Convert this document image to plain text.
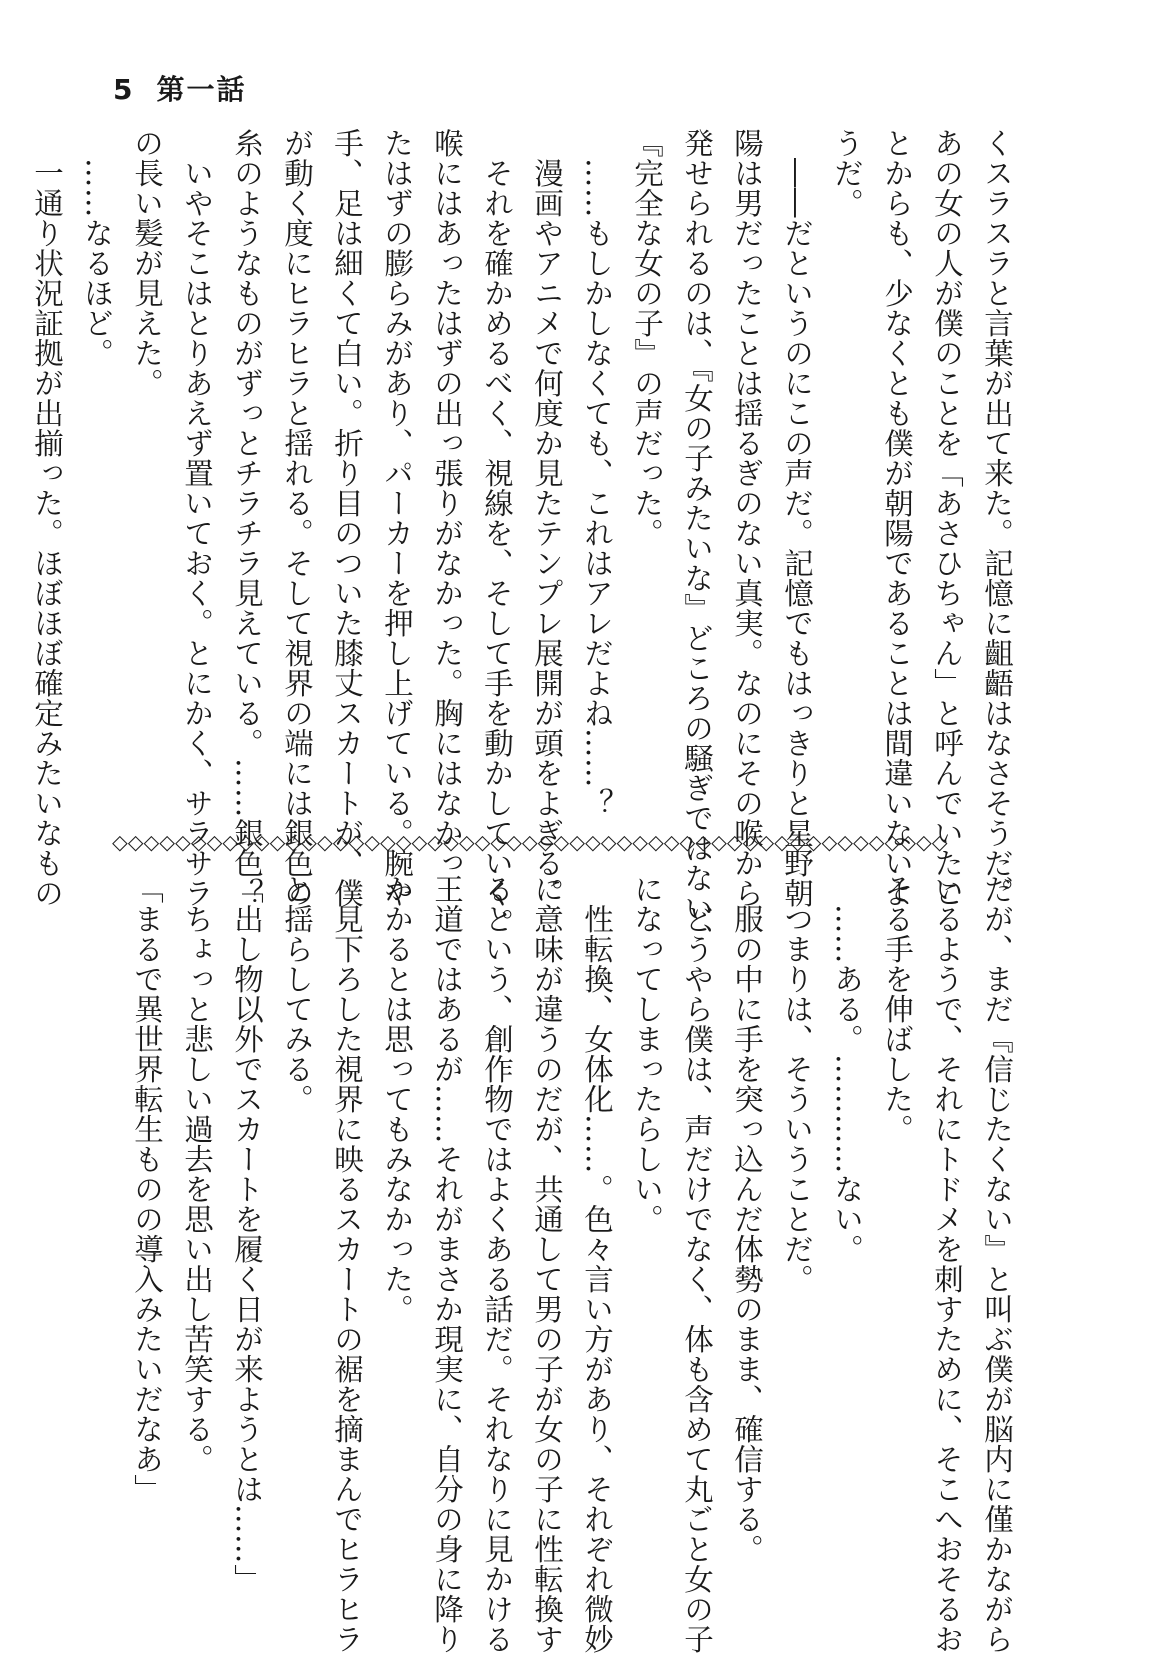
5 第一話

くスラスラと言葉が出て来た。記憶に齟齬はなさそうだ。

あの女の人が僕のことを「あさひちゃん」と呼んでいたこ

とからも、少なくとも僕が朝陽であることは間違いないよ

うだ。

　――だというのにこの声だ。記憶でもはっきりと星野朝

陽は男だったことは揺るぎのない真実。なのにその喉から

発せられるのは、『女の子みたいな』どころの騒ぎではない、

『完全な女の子』の声だった。

　……もしかしなくても、これはアレだよね……？

　漫画やアニメで何度か見たテンプレ展開が頭をよぎる。

　それを確かめるべく、視線を、そして手を動かしていく。

喉にはあったはずの出っ張りがなかった。胸にはなかっ

たはずの膨らみがあり、パーカーを押し上げている。腕や

手、足は細くて白い。折り目のついた膝丈スカートが、僕

が動く度にヒラヒラと揺れる。そして視界の端には銀色の

糸のようなものがずっとチラチラ見えている。……銀色？

　いやそこはとりあえず置いておく。とにかく、サラサラ

の長い髪が見えた。

　……なるほど。

　一通り状況証拠が出揃った。ほぼほぼ確定みたいなもの	◇◇◇◇◇◇◇◇◇◇◇◇◇◇◇◇◇◇◇◇◇◇◇◇◇◇◇◇◇◇◇◇◇◇◇◇◇◇◇◇◇◇◇◇◇◇◇◇◇◇◇◇◇

だが、まだ『信じたくない』と叫ぶ僕が脳内に僅かながら

いるようで、それにトドメを刺すために、そこへおそるお

そる手を伸ばした。

　……ある。…………ない。

　つまりは、そういうことだ。

　服の中に手を突っ込んだ体勢のまま、確信する。

　どうやら僕は、声だけでなく、体も含めて丸ごと女の子

になってしまったらしい。

　性転換、女体化……。色々言い方があり、それぞれ微妙

に意味が違うのだが、共通して男の子が女の子に性転換す

るという、創作物ではよくある話だ。それなりに見かける

王道ではあるが……それがまさか現実に、自分の身に降り

かかるとは思ってもみなかった。

　見下ろした視界に映るスカートの裾を摘まんでヒラヒラ

と揺らしてみる。

「出し物以外でスカートを履く日が来ようとは……」

　ちょっと悲しい過去を思い出し苦笑する。

「まるで異世界転生ものの導入みたいだなあ」
